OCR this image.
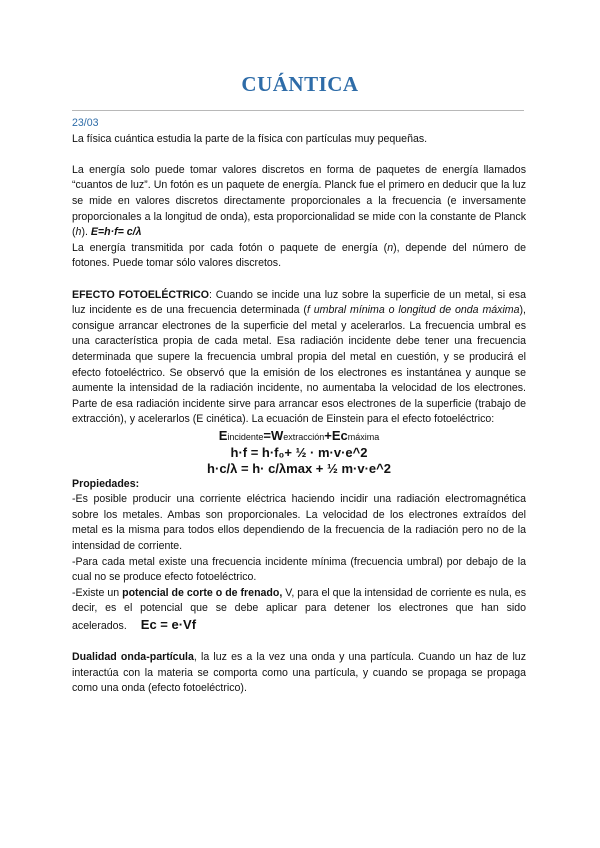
CUÁNTICA

23/03

La física cuántica estudia la parte de la física con partículas muy pequeñas.

La energía solo puede tomar valores discretos en forma de paquetes de energía llamados “cuantos de luz”. Un fotón es un paquete de energía. Planck fue el primero en deducir que la luz se mide en valores discretos directamente proporcionales a la frecuencia (e inversamente proporcionales a la longitud de onda), esta proporcionalidad se mide con la constante de Planck (h). E=h·f= c/λ

La energía transmitida por cada fotón o paquete de energía (n), depende del número de fotones. Puede tomar sólo valores discretos.

EFECTO FOTOELÉCTRICO: Cuando se incide una luz sobre la superficie de un metal, si esa luz incidente es de una frecuencia determinada (f umbral mínima o longitud de onda máxima), consigue arrancar electrones de la superficie del metal y acelerarlos. La frecuencia umbral es una característica propia de cada metal. Esa radiación incidente debe tener una frecuencia determinada que supere la frecuencia umbral propia del metal en cuestión, y se producirá el efecto fotoeléctrico. Se observó que la emisión de los electrones es instantánea y aunque se aumente la intensidad de la radiación incidente, no aumentaba la velocidad de los electrones. Parte de esa radiación incidente sirve para arrancar esos electrones de la superficie (trabajo de extracción), y acelerarlos (E cinética). La ecuación de Einstein para el efecto fotoeléctrico:

Eincidente=Wextracción+Ecmáxima

h·f = h·f₀+ ½ · m·v·e^2

h·c/λ = h· c/λmax + ½ m·v·e^2

Propiedades:

-Es posible producir una corriente eléctrica haciendo incidir una radiación electromagnética sobre los metales. Ambas son proporcionales. La velocidad de los electrones extraídos del metal es la misma para todos ellos dependiendo de la frecuencia de la radiación pero no de la intensidad de corriente.

-Para cada metal existe una frecuencia incidente mínima (frecuencia umbral) por debajo de la cual no se produce efecto fotoeléctrico.

-Existe un potencial de corte o de frenado, V, para el que la intensidad de corriente es nula, es decir, es el potencial que se debe aplicar para detener los electrones que han sido acelerados. Ec = e·Vf

Dualidad onda-partícula, la luz es a la vez una onda y una partícula. Cuando un haz de luz interactúa con la materia se comporta como una partícula, y cuando se propaga se propaga como una onda (efecto fotoeléctrico).
